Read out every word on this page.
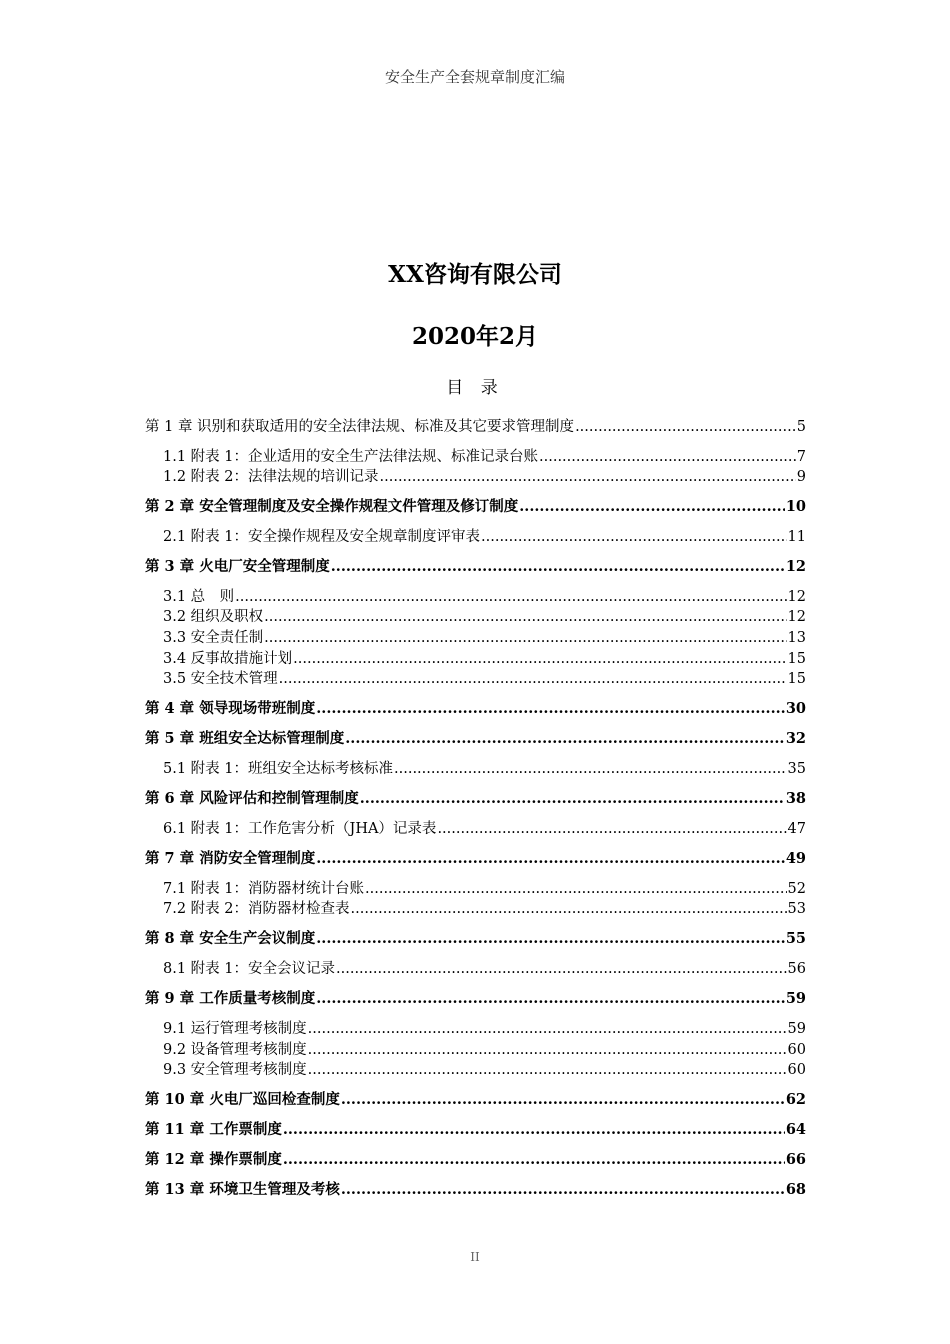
安全生产全套规章制度汇编
XX咨询有限公司
2020年2月
目 录
第 1 章 识别和获取适用的安全法律法规、标准及其它要求管理制度 .....	5
1.1 附表 1：企业适用的安全生产法律法规、标准记录台账 .....	7
1.2 附表 2：法律法规的培训记录 .....	9
第 2 章 安全管理制度及安全操作规程文件管理及修订制度 .....	10
2.1 附表 1：安全操作规程及安全规章制度评审表 .....	11
第 3 章 火电厂安全管理制度 .....	12
3.1 总　则 .....	12
3.2 组织及职权 .....	12
3.3 安全责任制 .....	13
3.4 反事故措施计划 .....	15
3.5 安全技术管理 .....	15
第 4 章 领导现场带班制度 .....	30
第 5 章 班组安全达标管理制度 .....	32
5.1 附表 1：班组安全达标考核标准 .....	35
第 6 章 风险评估和控制管理制度 .....	38
6.1 附表 1：工作危害分析（JHA）记录表 .....	47
第 7 章 消防安全管理制度 .....	49
7.1 附表 1：消防器材统计台账 .....	52
7.2 附表 2：消防器材检查表 .....	53
第 8 章 安全生产会议制度 .....	55
8.1 附表 1：安全会议记录 .....	56
第 9 章 工作质量考核制度 .....	59
9.1 运行管理考核制度 .....	59
9.2 设备管理考核制度 .....	60
9.3 安全管理考核制度 .....	60
第 10 章 火电厂巡回检查制度 .....	62
第 11 章 工作票制度 .....	64
第 12 章 操作票制度 .....	66
第 13 章 环境卫生管理及考核 .....	68
II
